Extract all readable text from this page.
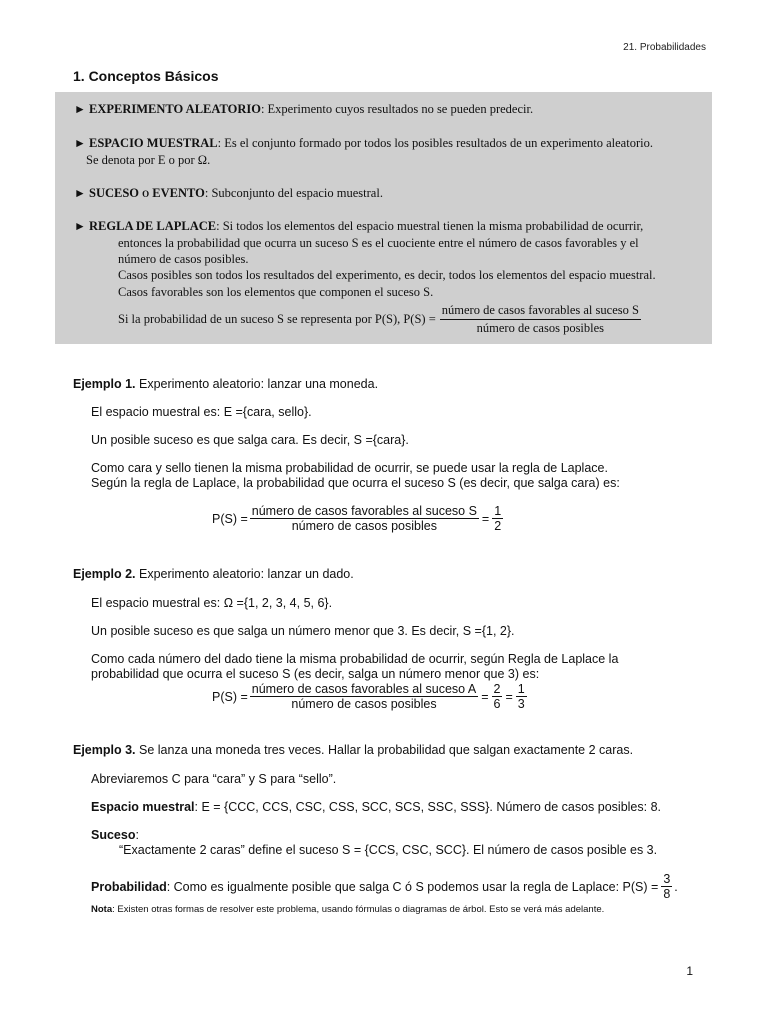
21. Probabilidades
1. Conceptos Básicos
► EXPERIMENTO ALEATORIO: Experimento cuyos resultados no se pueden predecir.
► ESPACIO MUESTRAL: Es el conjunto formado por todos los posibles resultados de un experimento aleatorio.
Se denota por E o por Ω.
► SUCESO o EVENTO: Subconjunto del espacio muestral.
► REGLA DE LAPLACE: Si todos los elementos del espacio muestral tienen la misma probabilidad de ocurrir,
entonces la probabilidad que ocurra un suceso S es el cuociente entre el número de casos favorables y el
número de casos posibles.
Casos posibles son todos los resultados del experimento, es decir, todos los elementos del espacio muestral.
Casos favorables son los elementos que componen el suceso S.
Si la probabilidad de un suceso S se representa por P(S), $P(S) = \frac{\text{número de casos favorables al suceso S}}{\text{número de casos posibles}}$
Ejemplo 1. Experimento aleatorio: lanzar una moneda.
El espacio muestral es: E ={cara, sello}.
Un posible suceso es que salga cara. Es decir, S ={cara}.
Como cara y sello tienen la misma probabilidad de ocurrir, se puede usar la regla de Laplace.
Según la regla de Laplace, la probabilidad que ocurra el suceso S (es decir, que salga cara) es:
$P(S) = \frac{\text{número de casos favorables al suceso S}}{\text{número de casos posibles}} = \frac{1}{2}$
Ejemplo 2. Experimento aleatorio: lanzar un dado.
El espacio muestral es: Ω ={1, 2, 3, 4, 5, 6}.
Un posible suceso es que salga un número menor que 3. Es decir, S ={1, 2}.
Como cada número del dado tiene la misma probabilidad de ocurrir, según Regla de Laplace la
probabilidad que ocurra el suceso S (es decir, salga un número menor que 3) es:
$P(S) = \frac{\text{número de casos favorables al suceso A}}{\text{número de casos posibles}} = \frac{2}{6} = \frac{1}{3}$
Ejemplo 3. Se lanza una moneda tres veces. Hallar la probabilidad que salgan exactamente 2 caras.
Abreviaremos C para “cara” y S para “sello”.
Espacio muestral: E = {CCC, CCS, CSC, CSS, SCC, SCS, SSC, SSS}. Número de casos posibles: 8.
Suceso:
“Exactamente 2 caras” define el suceso S = {CCS, CSC, SCC}. El número de casos posible es 3.
Probabilidad : Como es igualmente posible que salga C ó S podemos usar la regla de Laplace: $P(S) = \frac{3}{8}$ .
Nota: Existen otras formas de resolver este problema, usando fórmulas o diagramas de árbol. Esto se verá más adelante.
1
